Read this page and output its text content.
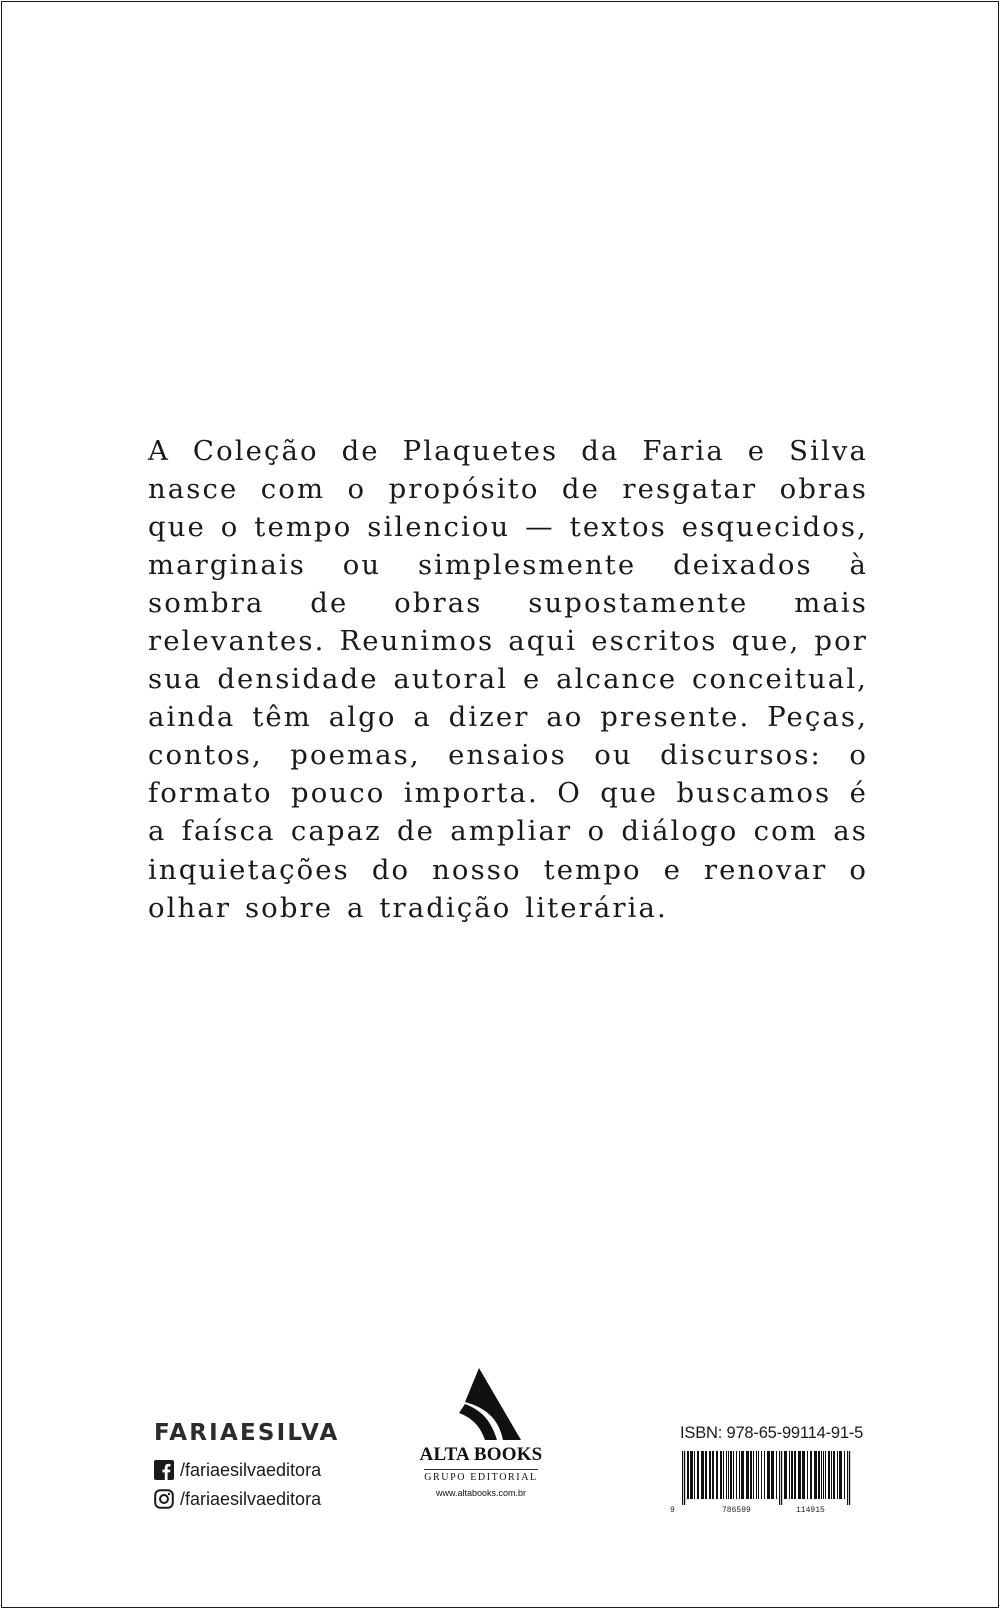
A Coleção de Plaquetes da Faria e Silva nasce com o propósito de resgatar obras que o tempo silenciou — textos esquecidos, marginais ou simplesmente deixados à sombra de obras supostamente mais relevantes. Reunimos aqui escritos que, por sua densidade autoral e alcance conceitual, ainda têm algo a dizer ao presente. Peças, contos, poemas, ensaios ou discursos: o formato pouco importa. O que buscamos é a faísca capaz de ampliar o diálogo com as inquietações do nosso tempo e renovar o olhar sobre a tradição literária.

FARIAESILVA
/fariaesilvaeditora
/fariaesilvaeditora
ALTA BOOKS
GRUPO EDITORIAL
www.altabooks.com.br
ISBN: 978-65-99114-91-5
9	786599	114915
